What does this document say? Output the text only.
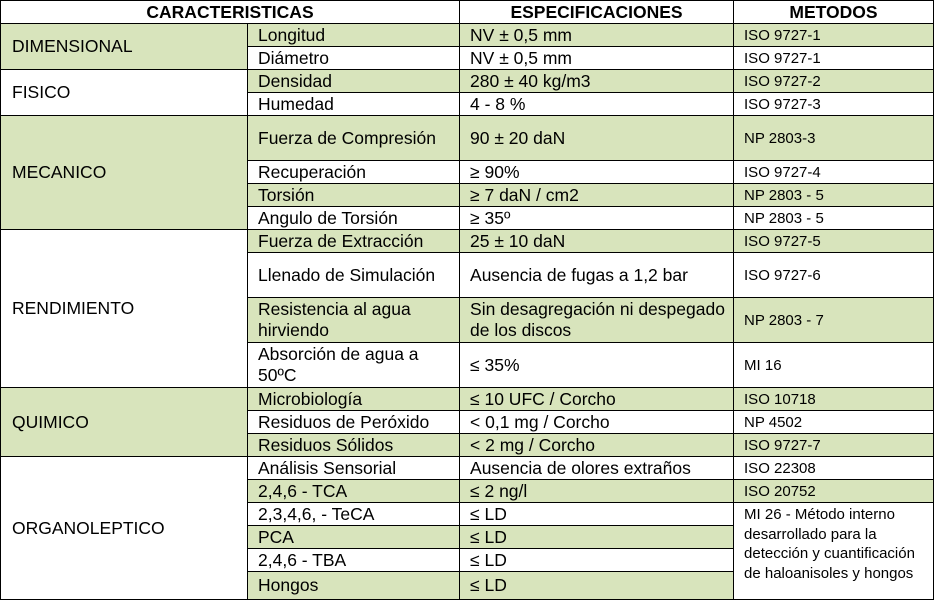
CARACTERISTICAS		ESPECIFICACIONES	METODOS
DIMENSIONAL	Longitud	NV ± 0,5 mm	ISO 9727-1
	Diámetro	NV ± 0,5 mm	ISO 9727-1
FISICO	Densidad	280 ± 40 kg/m3	ISO 9727-2
	Humedad	4 - 8 %	ISO 9727-3
MECANICO	Fuerza de Compresión	90 ± 20 daN	NP 2803-3
	Recuperación	≥ 90%	ISO 9727-4
	Torsión	≥ 7 daN / cm2	NP 2803 - 5
	Angulo de Torsión	≥ 35º	NP 2803 - 5
RENDIMIENTO	Fuerza de Extracción	25 ± 10 daN	ISO 9727-5
	Llenado de Simulación	Ausencia de fugas a 1,2 bar	ISO 9727-6
	Resistencia al agua hirviendo	Sin desagregación ni despegado de los discos	NP 2803 - 7
	Absorción de agua a 50ºC	≤ 35%	MI 16
QUIMICO	Microbiología	≤ 10 UFC / Corcho	ISO 10718
	Residuos de Peróxido	< 0,1 mg / Corcho	NP 4502
	Residuos Sólidos	< 2 mg / Corcho	ISO 9727-7
ORGANOLEPTICO	Análisis Sensorial	Ausencia de olores extraños	ISO 22308
	2,4,6 - TCA	≤ 2 ng/l	ISO 20752
	2,3,4,6, - TeCA	≤ LD	MI 26 - Método interno desarrollado para la detección y cuantificación de haloanisoles y hongos
	PCA	≤ LD	
	2,4,6 - TBA	≤ LD	
	Hongos	≤ LD	
